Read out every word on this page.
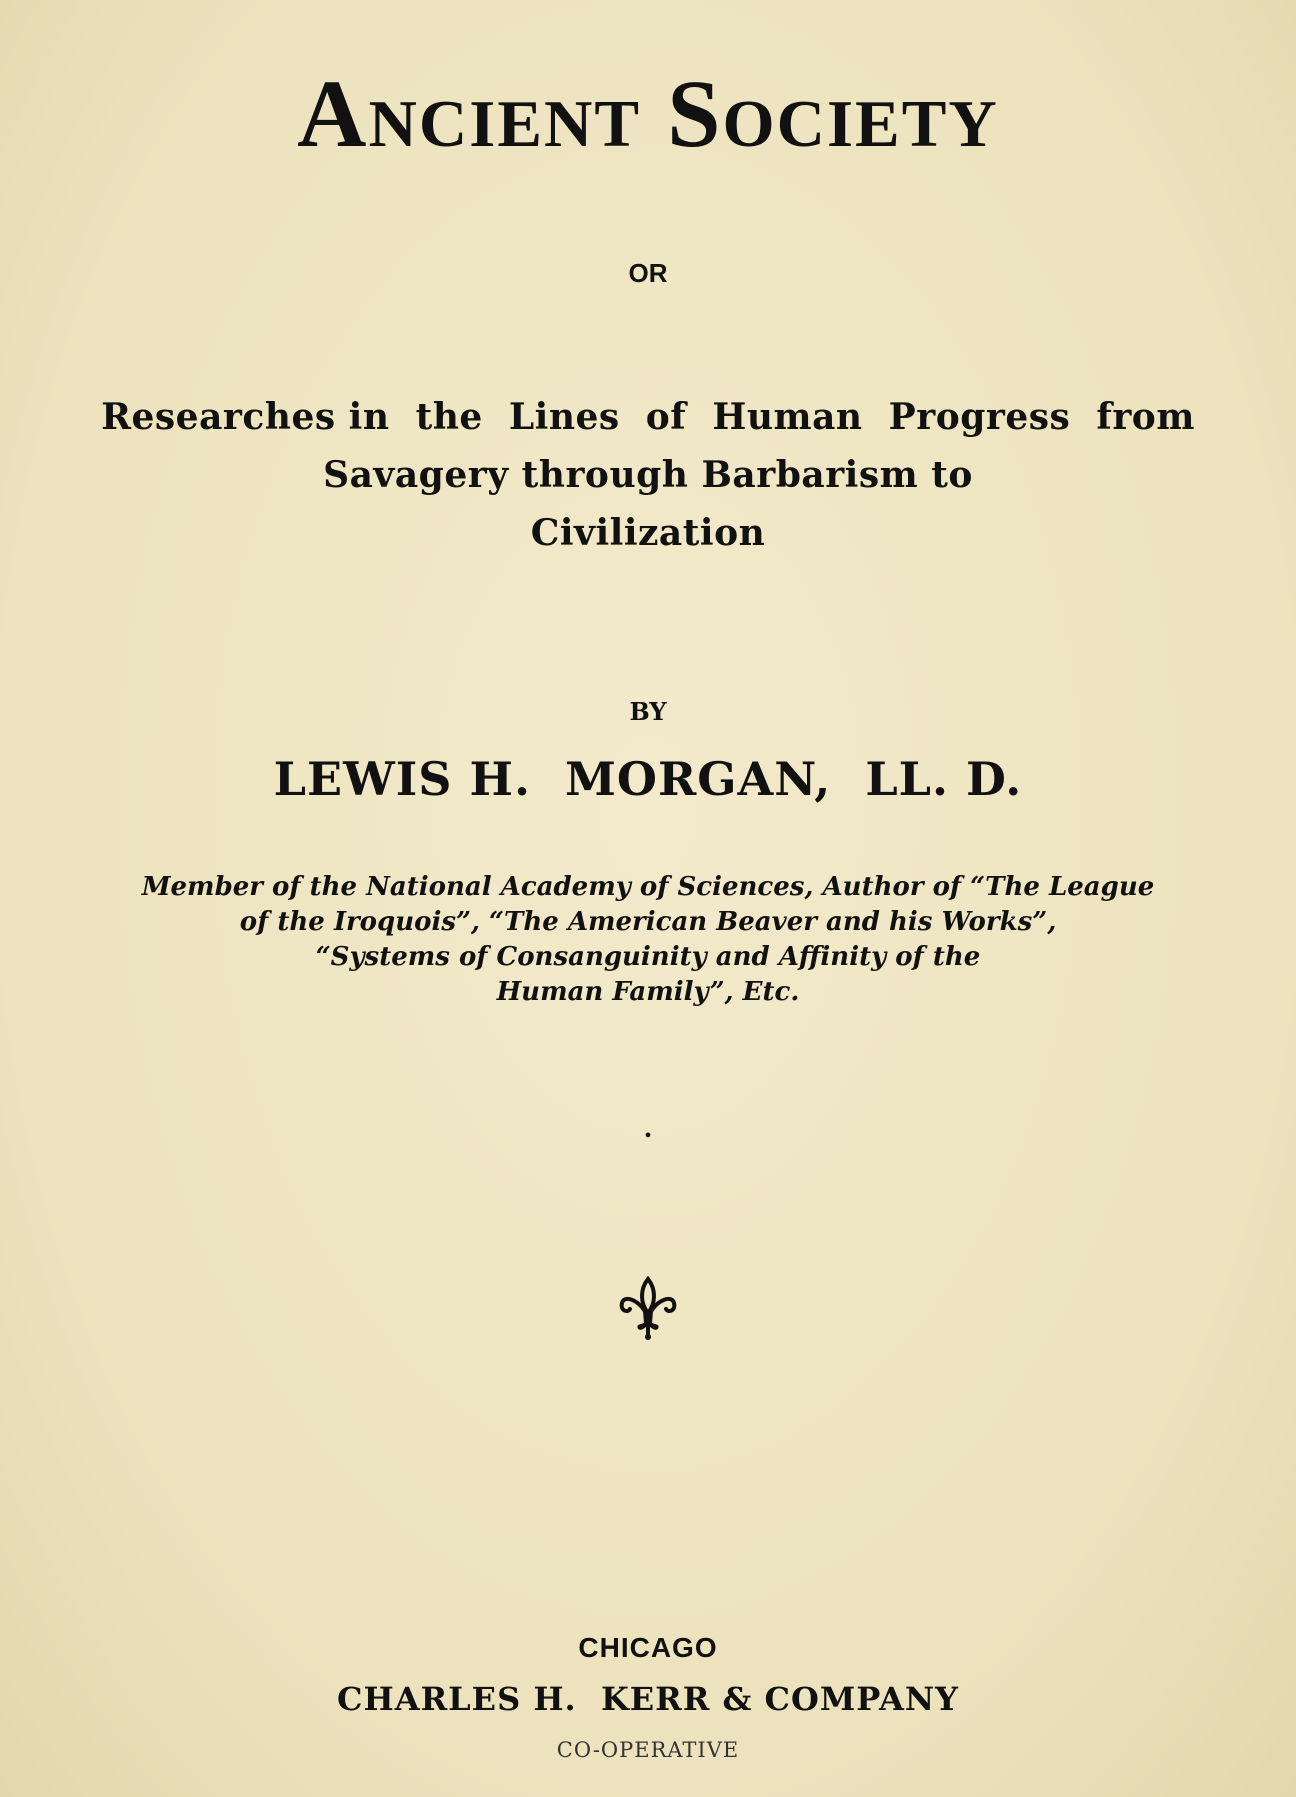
Ancient Society
OR
Researches in  the  Lines  of  Human  Progress  from
Savagery through Barbarism to
Civilization
BY
LEWIS H.  MORGAN,  LL. D.
Member of the National Academy of Sciences, Author of “The League
of the Iroquois”, “The American Beaver and his Works”,
“Systems of Consanguinity and Affinity of the
Human Family”, Etc.
•
CHICAGO
CHARLES H.  KERR & COMPANY
CO-OPERATIVE
